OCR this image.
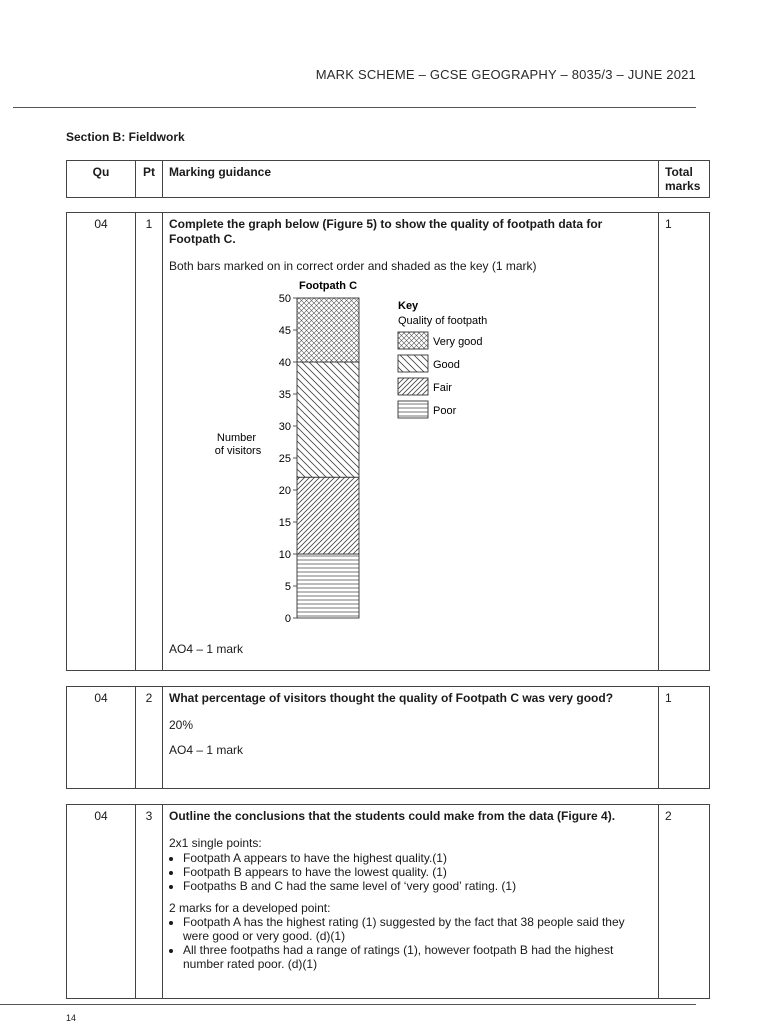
MARK SCHEME – GCSE GEOGRAPHY – 8035/3 – JUNE 2021
Section B: Fieldwork
Qu	Pt	Marking guidance	Total marks
04	1	Complete the graph below (Figure 5) to show the quality of footpath data for Footpath C.
Both bars marked on in correct order and shaded as the key (1 mark)
Footpath C
Number of visitors
0
5
10
15
20
25
30
35
40
45
50
Key
Quality of footpath
Very good
Good
Fair
Poor
AO4 – 1 mark
	1
04	2	What percentage of visitors thought the quality of Footpath C was very good?
20%
AO4 – 1 mark
	1
04	3	Outline the conclusions that the students could make from the data (Figure 4).
2x1 single points:
• Footpath A appears to have the highest quality.(1)
• Footpath B appears to have the lowest quality. (1)
• Footpaths B and C had the same level of ‘very good’ rating. (1)
2 marks for a developed point:
• Footpath A has the highest rating (1) suggested by the fact that 38 people said they were good or very good. (d)(1)
• All three footpaths had a range of ratings (1), however footpath B had the highest number rated poor. (d)(1)
	2
14
